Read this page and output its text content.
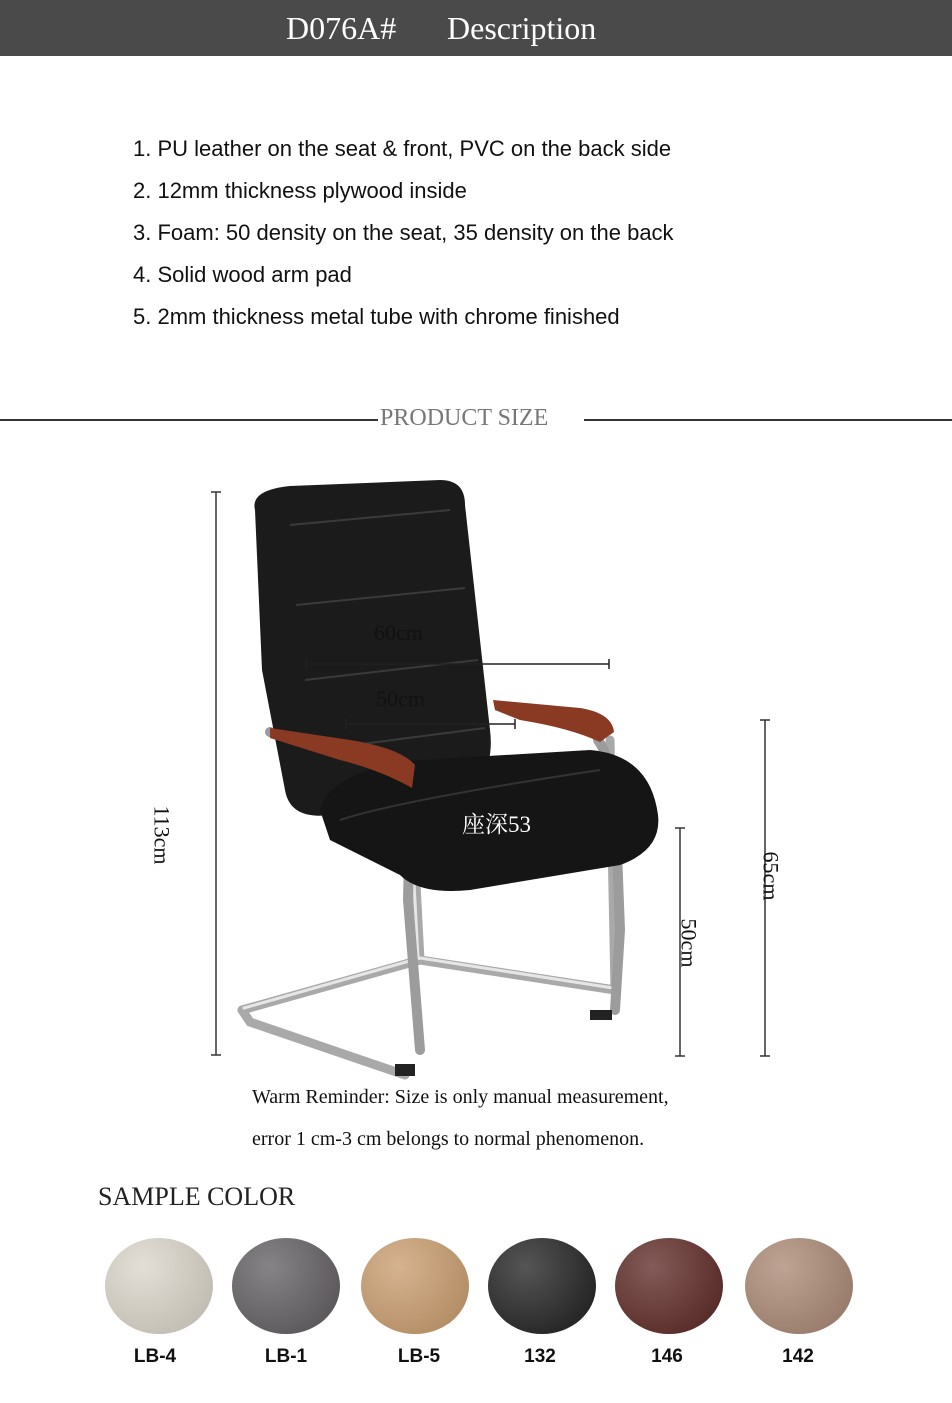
D076A# Description
1. PU leather on the seat & front, PVC on the back side
2. 12mm thickness plywood inside
3. Foam: 50 density on the seat, 35 density on the back
4. Solid wood arm pad
5. 2mm thickness metal tube with chrome finished
PRODUCT SIZE
60cm
50cm
座深53
113cm
50cm
65cm
Warm Reminder: Size is only manual measurement,
error 1 cm-3 cm belongs to normal phenomenon.
SAMPLE COLOR
LB-4	LB-1	LB-5	132	146	142
